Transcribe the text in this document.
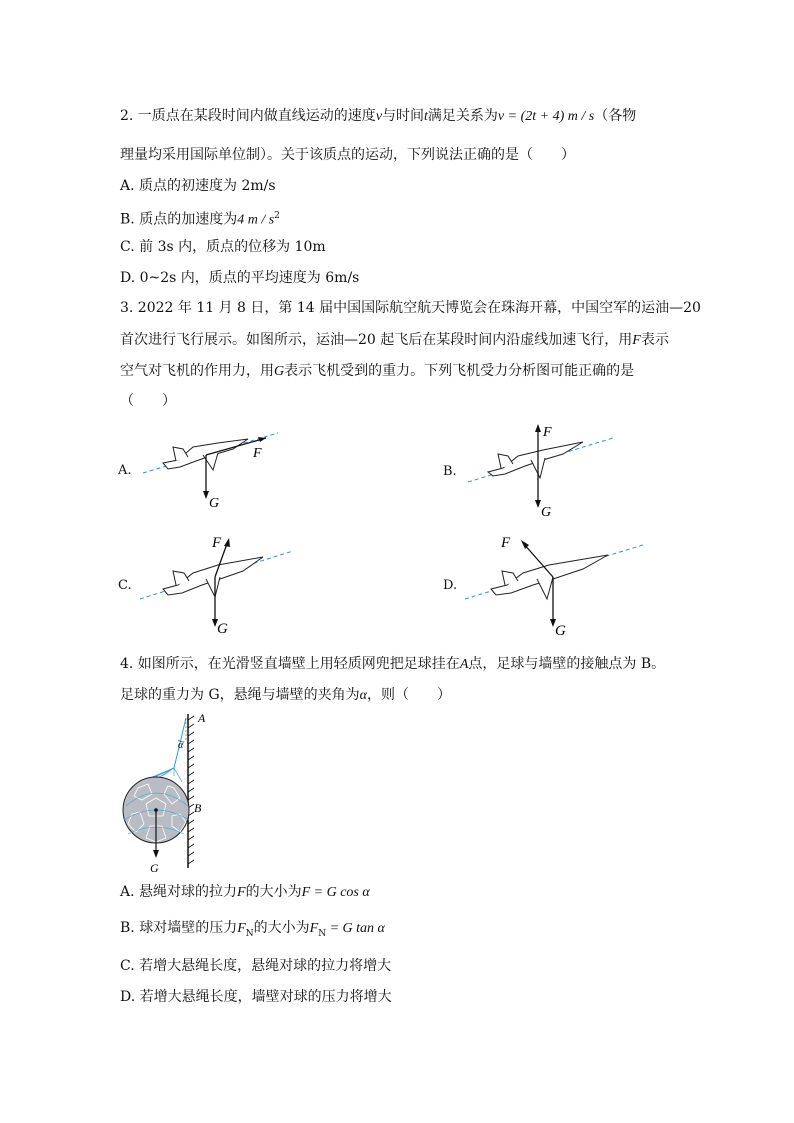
2. 一质点在某段时间内做直线运动的速度v与时间t满足关系为v = (2t + 4) m / s（各物
理量均采用国际单位制）。关于该质点的运动，下列说法正确的是（　　）
A. 质点的初速度为 2m/s
B. 质点的加速度为4 m / $s^2$
C. 前 3s 内，质点的位移为 10m
D. 0~2s 内，质点的平均速度为 6m/s
3. 2022 年 11 月 8 日，第 14 届中国国际航空航天博览会在珠海开幕，中国空军的运油—20
首次进行飞行展示。如图所示，运油—20 起飞后在某段时间内沿虚线加速飞行，用F表示
空气对飞机的作用力，用G表示飞机受到的重力。下列飞机受力分析图可能正确的是
（　　）
A.
F
G
B.
F
G
C.
F
G
D.
F
G
4. 如图所示，在光滑竖直墙壁上用轻质网兜把足球挂在A点，足球与墙壁的接触点为 B。
足球的重力为 G，悬绳与墙壁的夹角为α，则（　　）
A
α
B
G
A. 悬绳对球的拉力F的大小为F = G cos α
B. 球对墙壁的压力$F_N$的大小为$F_N = G$ tan α
C. 若增大悬绳长度，悬绳对球的拉力将增大
D. 若增大悬绳长度，墙壁对球的压力将增大
